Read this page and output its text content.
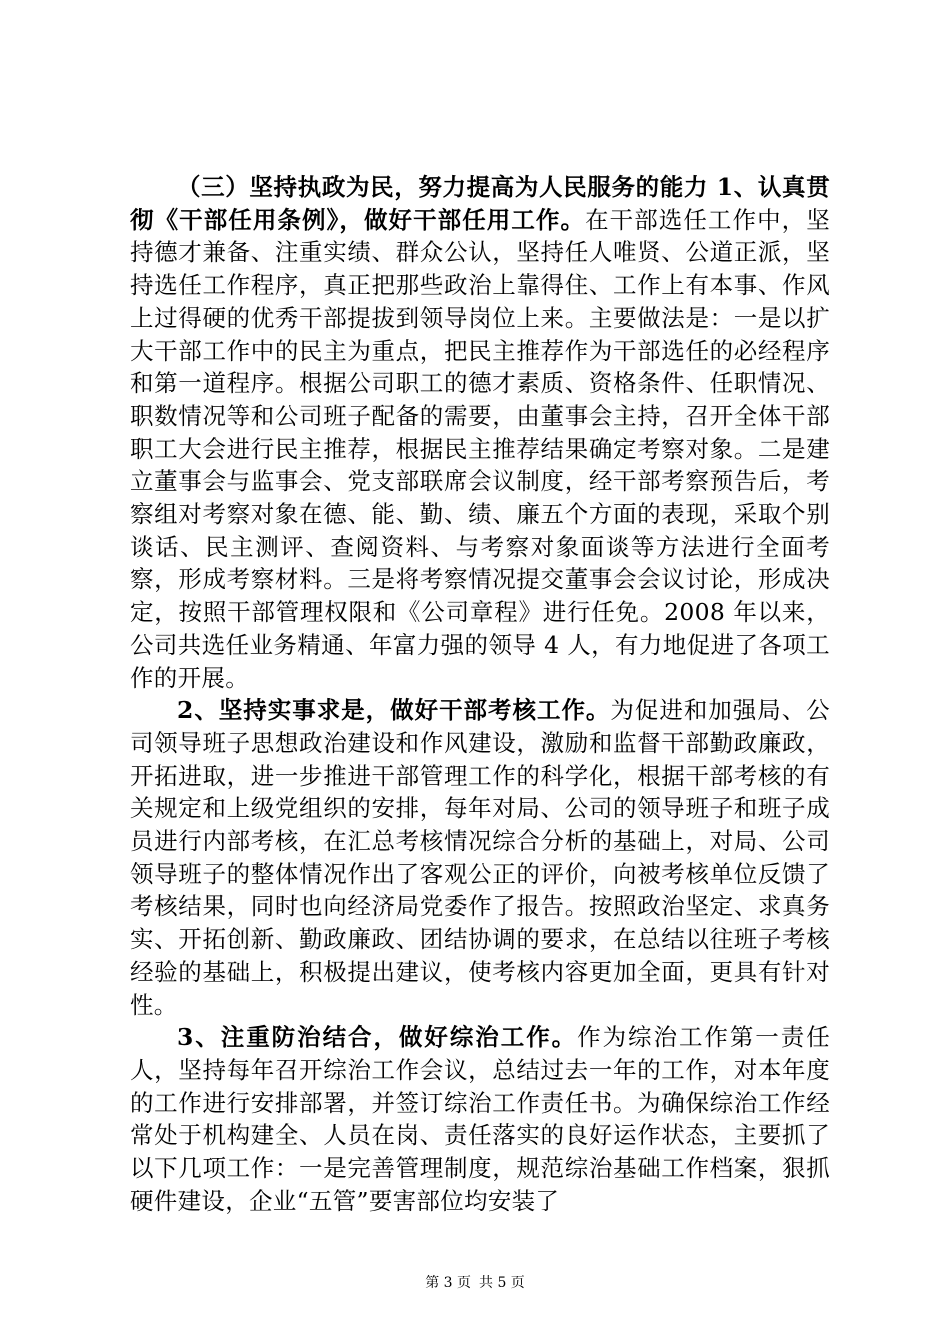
（三）坚持执政为民，努力提高为人民服务的能力 1、认真贯彻《干部任用条例》，做好干部任用工作。在干部选任工作中，坚持德才兼备、注重实绩、群众公认，坚持任人唯贤、公道正派，坚持选任工作程序，真正把那些政治上靠得住、工作上有本事、作风上过得硬的优秀干部提拔到领导岗位上来。主要做法是：一是以扩大干部工作中的民主为重点，把民主推荐作为干部选任的必经程序和第一道程序。根据公司职工的德才素质、资格条件、任职情况、职数情况等和公司班子配备的需要，由董事会主持，召开全体干部职工大会进行民主推荐，根据民主推荐结果确定考察对象。二是建立董事会与监事会、党支部联席会议制度，经干部考察预告后，考察组对考察对象在德、能、勤、绩、廉五个方面的表现，采取个别谈话、民主测评、查阅资料、与考察对象面谈等方法进行全面考察，形成考察材料。三是将考察情况提交董事会会议讨论，形成决定，按照干部管理权限和《公司章程》进行任免。2008 年以来，公司共选任业务精通、年富力强的领导 4 人，有力地促进了各项工作的开展。

2、坚持实事求是，做好干部考核工作。为促进和加强局、公司领导班子思想政治建设和作风建设，激励和监督干部勤政廉政，开拓进取，进一步推进干部管理工作的科学化，根据干部考核的有关规定和上级党组织的安排，每年对局、公司的领导班子和班子成员进行内部考核，在汇总考核情况综合分析的基础上，对局、公司领导班子的整体情况作出了客观公正的评价，向被考核单位反馈了考核结果，同时也向经济局党委作了报告。按照政治坚定、求真务实、开拓创新、勤政廉政、团结协调的要求，在总结以往班子考核经验的基础上，积极提出建议，使考核内容更加全面，更具有针对性。

3、注重防治结合，做好综治工作。作为综治工作第一责任人，坚持每年召开综治工作会议，总结过去一年的工作，对本年度的工作进行安排部署，并签订综治工作责任书。为确保综治工作经常处于机构建全、人员在岗、责任落实的良好运作状态，主要抓了以下几项工作：一是完善管理制度，规范综治基础工作档案，狠抓硬件建设，企业“五管”要害部位均安装了

第 3 页 共 5 页
